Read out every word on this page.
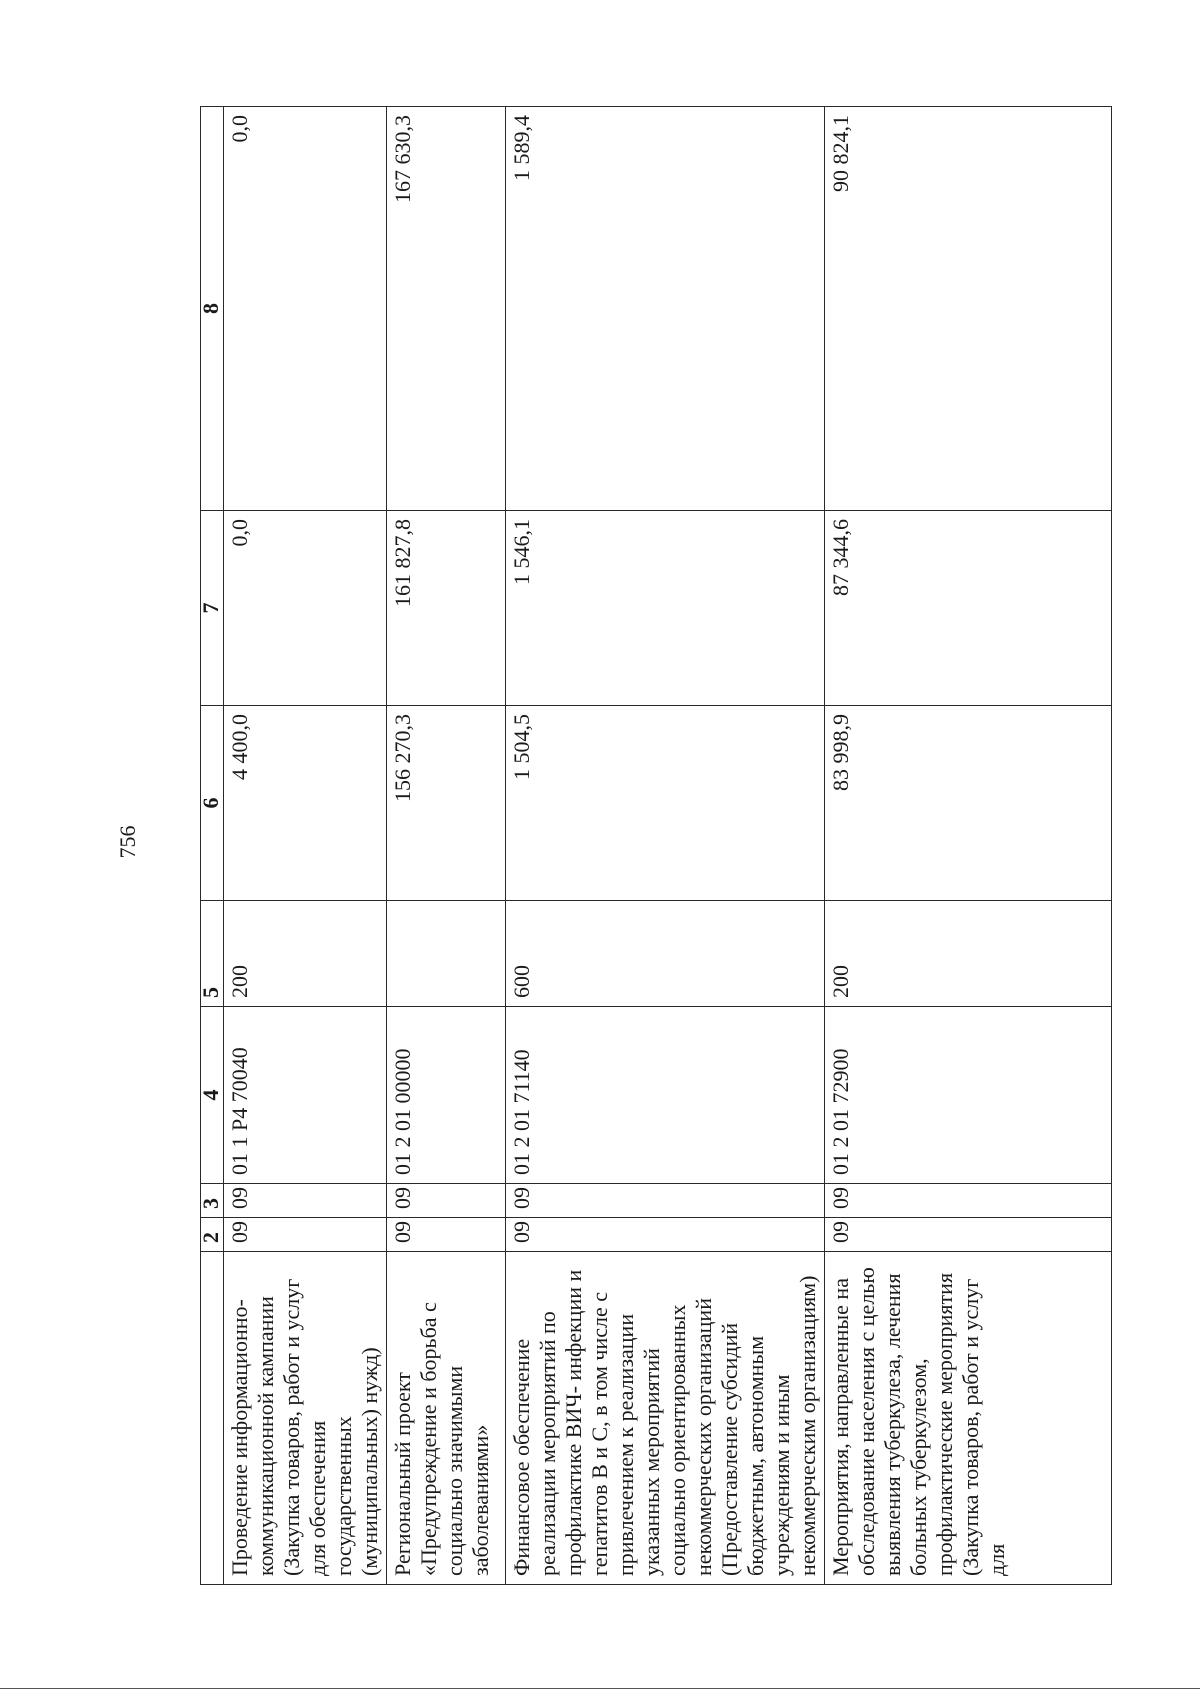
756
	2	3	4	5	6	7	8
Проведение информационно-коммуникационной кампании (Закупка товаров, работ и услуг для обеспечения государственных (муниципальных) нужд)	09	09	01 1 Р4 70040	200	4 400,0	0,0	0,0
Региональный проект «Предупреждение и борьба с социально значимыми заболеваниями»	09	09	01 2 01 00000		156 270,3	161 827,8	167 630,3
Финансовое обеспечение реализации мероприятий по профилактике ВИЧ- инфекции и гепатитов В и С, в том числе с привлечением к реализации указанных мероприятий социально ориентированных некоммерческих организаций (Предоставление субсидий бюджетным, автономным учреждениям и иным некоммерческим организациям)	09	09	01 2 01 71140	600	1 504,5	1 546,1	1 589,4
Мероприятия, направленные на обследование населения с целью выявления туберкулеза, лечения больных туберкулезом, профилактические мероприятия (Закупка товаров, работ и услуг для	09	09	01 2 01 72900	200	83 998,9	87 344,6	90 824,1
